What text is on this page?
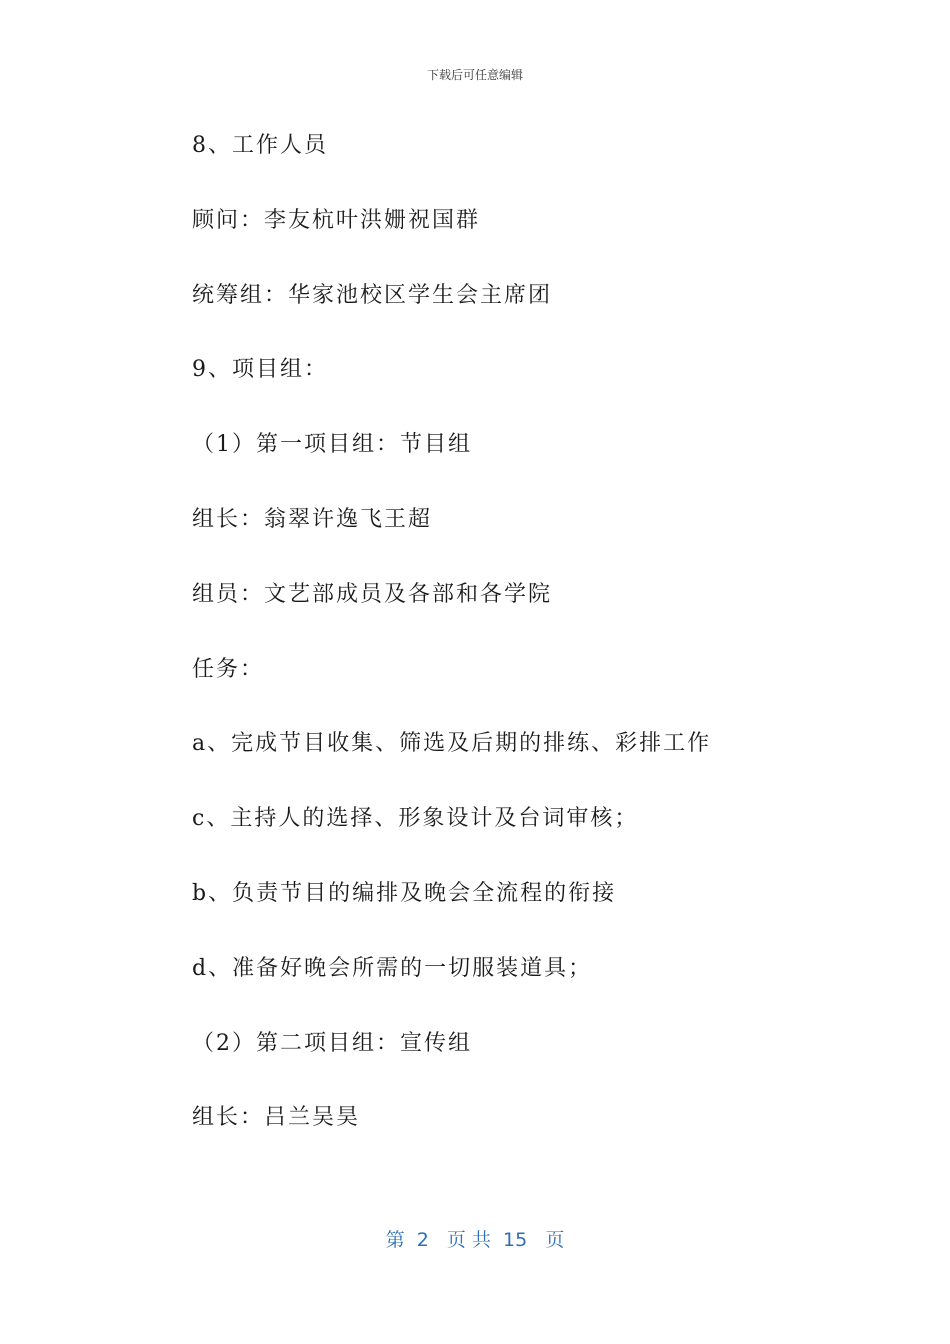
下载后可任意编辑
8、工作人员
顾问：李友杭叶洪姗祝国群
统筹组：华家池校区学生会主席团
9、项目组：
（1）第一项目组：节目组
组长：翁翠许逸飞王超
组员：文艺部成员及各部和各学院
任务：
a、完成节目收集、筛选及后期的排练、彩排工作
c、主持人的选择、形象设计及台词审核；
b、负责节目的编排及晚会全流程的衔接
d、准备好晚会所需的一切服装道具；
（2）第二项目组：宣传组
组长：吕兰吴昊
第  2   页 共  15   页
